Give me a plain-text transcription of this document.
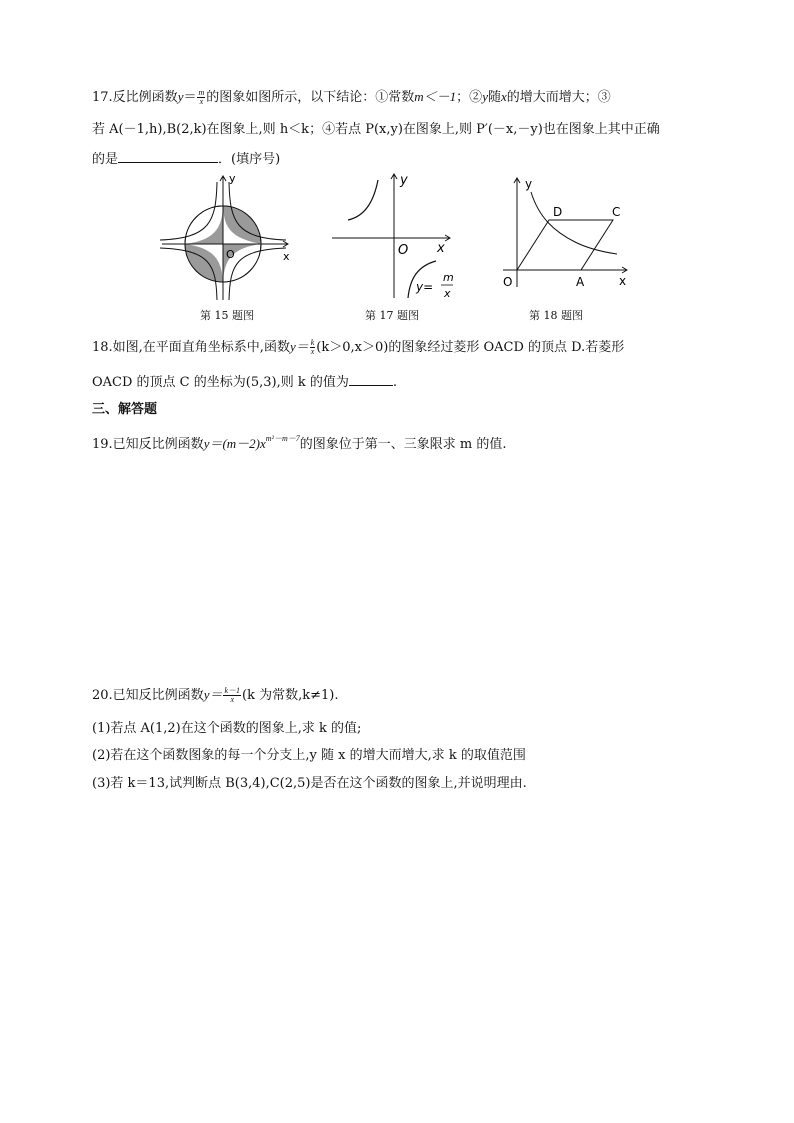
17.反比例函数$y= \frac{m}{x}$ 的图象如图所示，以下结论：①常数m＜－1；②y随x的增大而增大；③
若 A(－1,h),B(2,k)在图象上,则 h＜k；④若点 P(x,y)在图象上,则 P′(－x,－y)也在图象上其中正确
的是	．(填序号)
y
x
O
第 15 题图
y
x
O
y=
m
x
第 17 题图
y
x
O	A
C
D
第 18 题图
18.如图,在平面直角坐标系中,函数$y= \frac{k}{x} (k>0,x>0)$的图象经过菱形 OACD 的顶点 D.若菱形
OACD 的顶点 C 的坐标为(5,3),则 k 的值为	.
三、解答题
19.已知反比例函数$y=(m-2)x^{m^2-m-7}$的图象位于第一、三象限求 m 的值.
20.已知反比例函数$y= \frac{k-1}{x} (k$ 为常数,k≠1).
(1)若点 A(1,2)在这个函数的图象上,求 k 的值;
(2)若在这个函数图象的每一个分支上,y 随 x 的增大而增大,求 k 的取值范围
(3)若 k＝13,试判断点 B(3,4),C(2,5)是否在这个函数的图象上,并说明理由.
